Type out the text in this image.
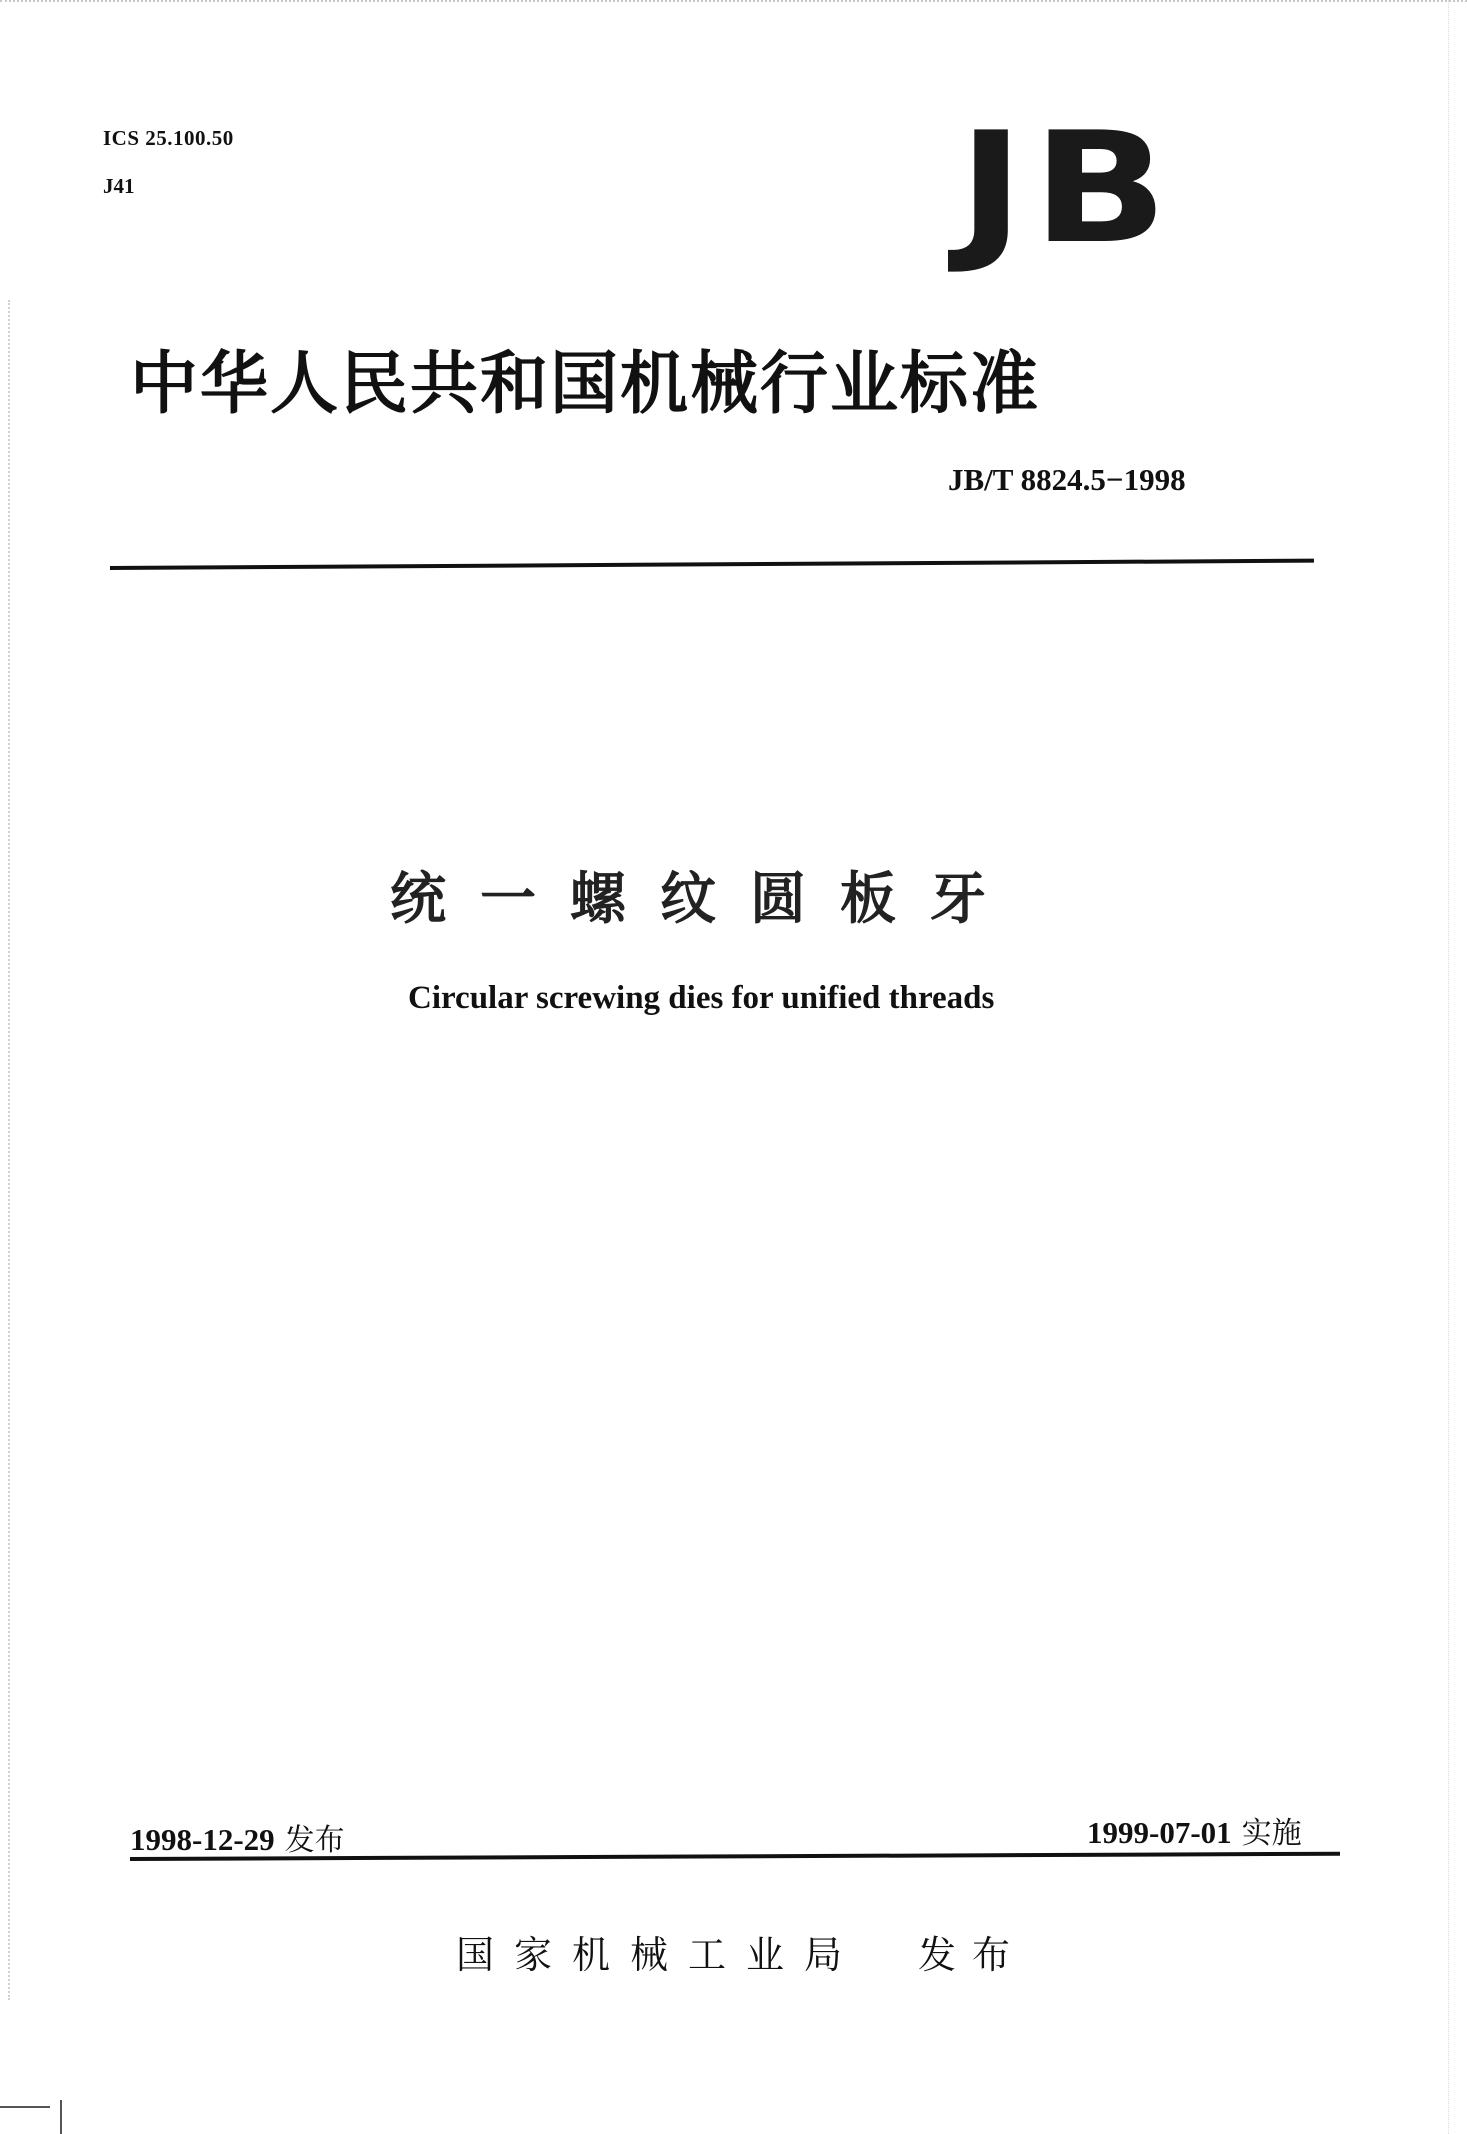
ICS 25.100.50
J41	JB
中华人民共和国机械行业标准
JB/T 8824.5−1998
统一螺纹圆板牙
Circular screwing dies for unified threads
1998-12-29 发布	1999-07-01 实施
国家机械工业局 发布
